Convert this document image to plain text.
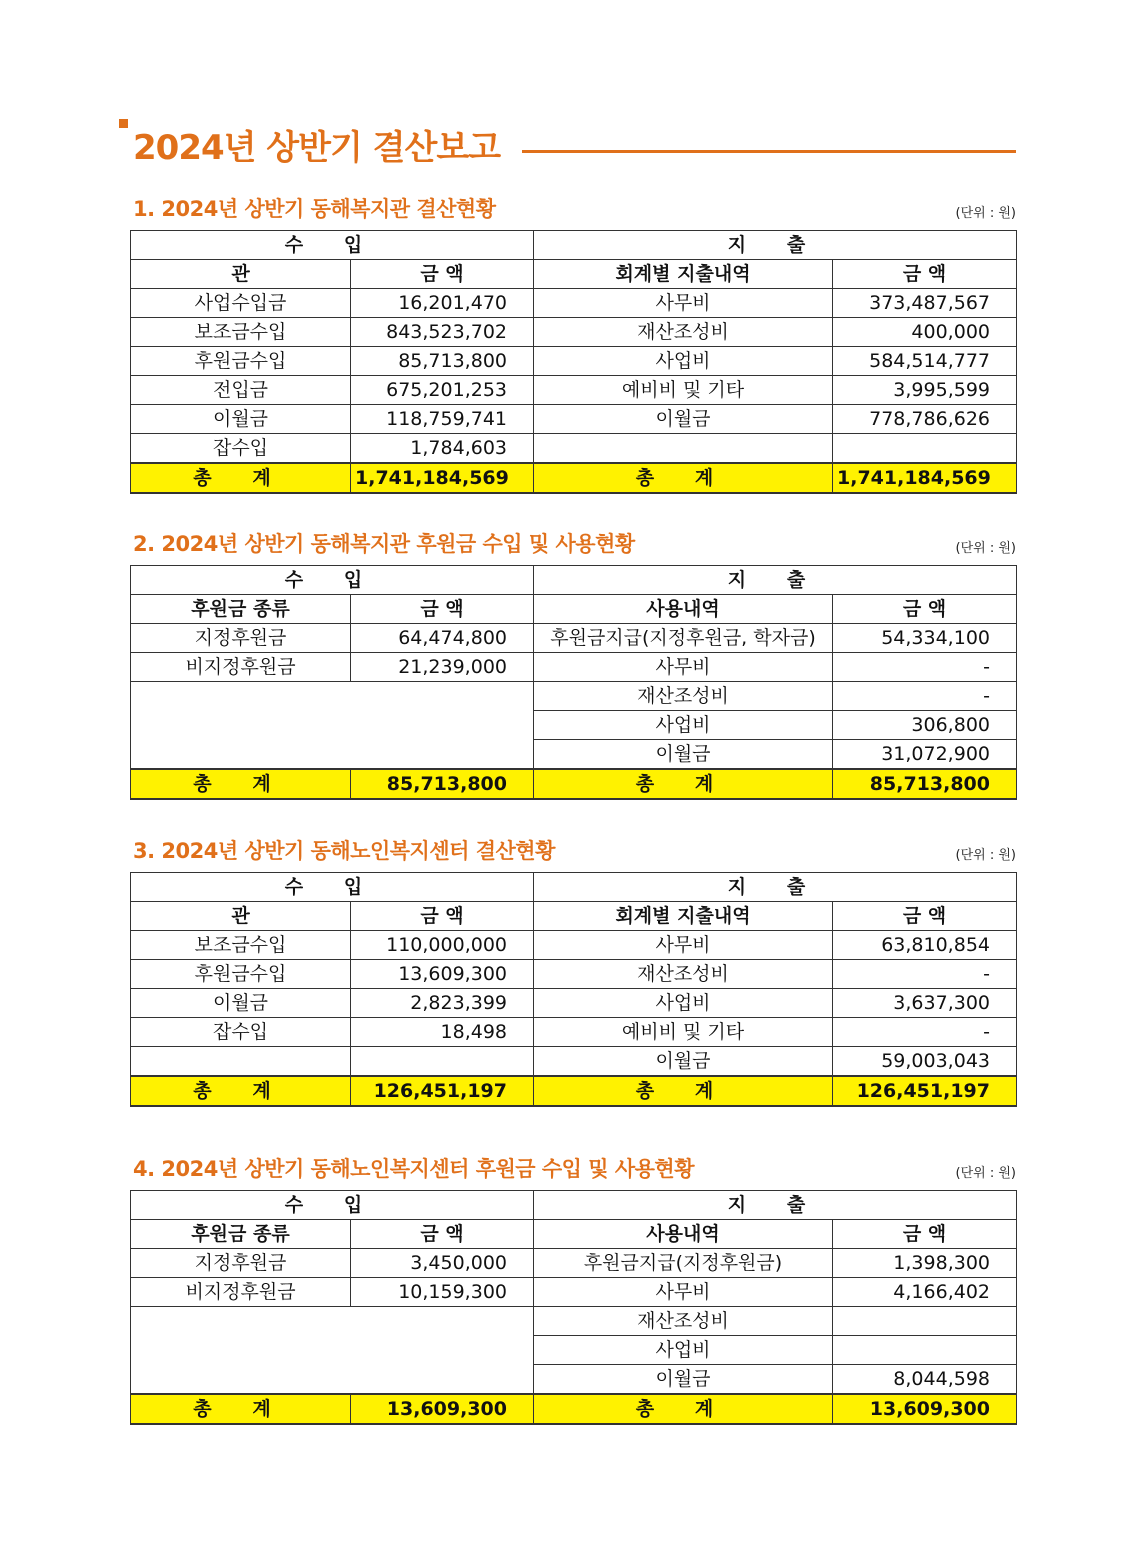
2024년 상반기 결산보고
1. 2024년 상반기 동해복지관 결산현황	(단위 : 원)
수 입		지 출	
관	금 액	회계별 지출내역	금 액
사업수입금	16,201,470	사무비	373,487,567
보조금수입	843,523,702	재산조성비	400,000
후원금수입	85,713,800	사업비	584,514,777
전입금	675,201,253	예비비 및 기타	3,995,599
이월금	118,759,741	이월금	778,786,626
잡수입	1,784,603		
총 계	1,741,184,569	총 계	1,741,184,569
2. 2024년 상반기 동해복지관 후원금 수입 및 사용현황	(단위 : 원)
수 입		지 출	
후원금 종류	금 액	사용내역	금 액
지정후원금	64,474,800	후원금지급(지정후원금, 학자금)	54,334,100
비지정후원금	21,239,000	사무비	-
		재산조성비	-
		사업비	306,800
		이월금	31,072,900
총 계	85,713,800	총 계	85,713,800
3. 2024년 상반기 동해노인복지센터 결산현황	(단위 : 원)
수 입		지 출	
관	금 액	회계별 지출내역	금 액
보조금수입	110,000,000	사무비	63,810,854
후원금수입	13,609,300	재산조성비	-
이월금	2,823,399	사업비	3,637,300
잡수입	18,498	예비비 및 기타	-
		이월금	59,003,043
총 계	126,451,197	총 계	126,451,197
4. 2024년 상반기 동해노인복지센터 후원금 수입 및 사용현황	(단위 : 원)
수 입		지 출	
후원금 종류	금 액	사용내역	금 액
지정후원금	3,450,000	후원금지급(지정후원금)	1,398,300
비지정후원금	10,159,300	사무비	4,166,402
		재산조성비	
		사업비	
		이월금	8,044,598
총 계	13,609,300	총 계	13,609,300
